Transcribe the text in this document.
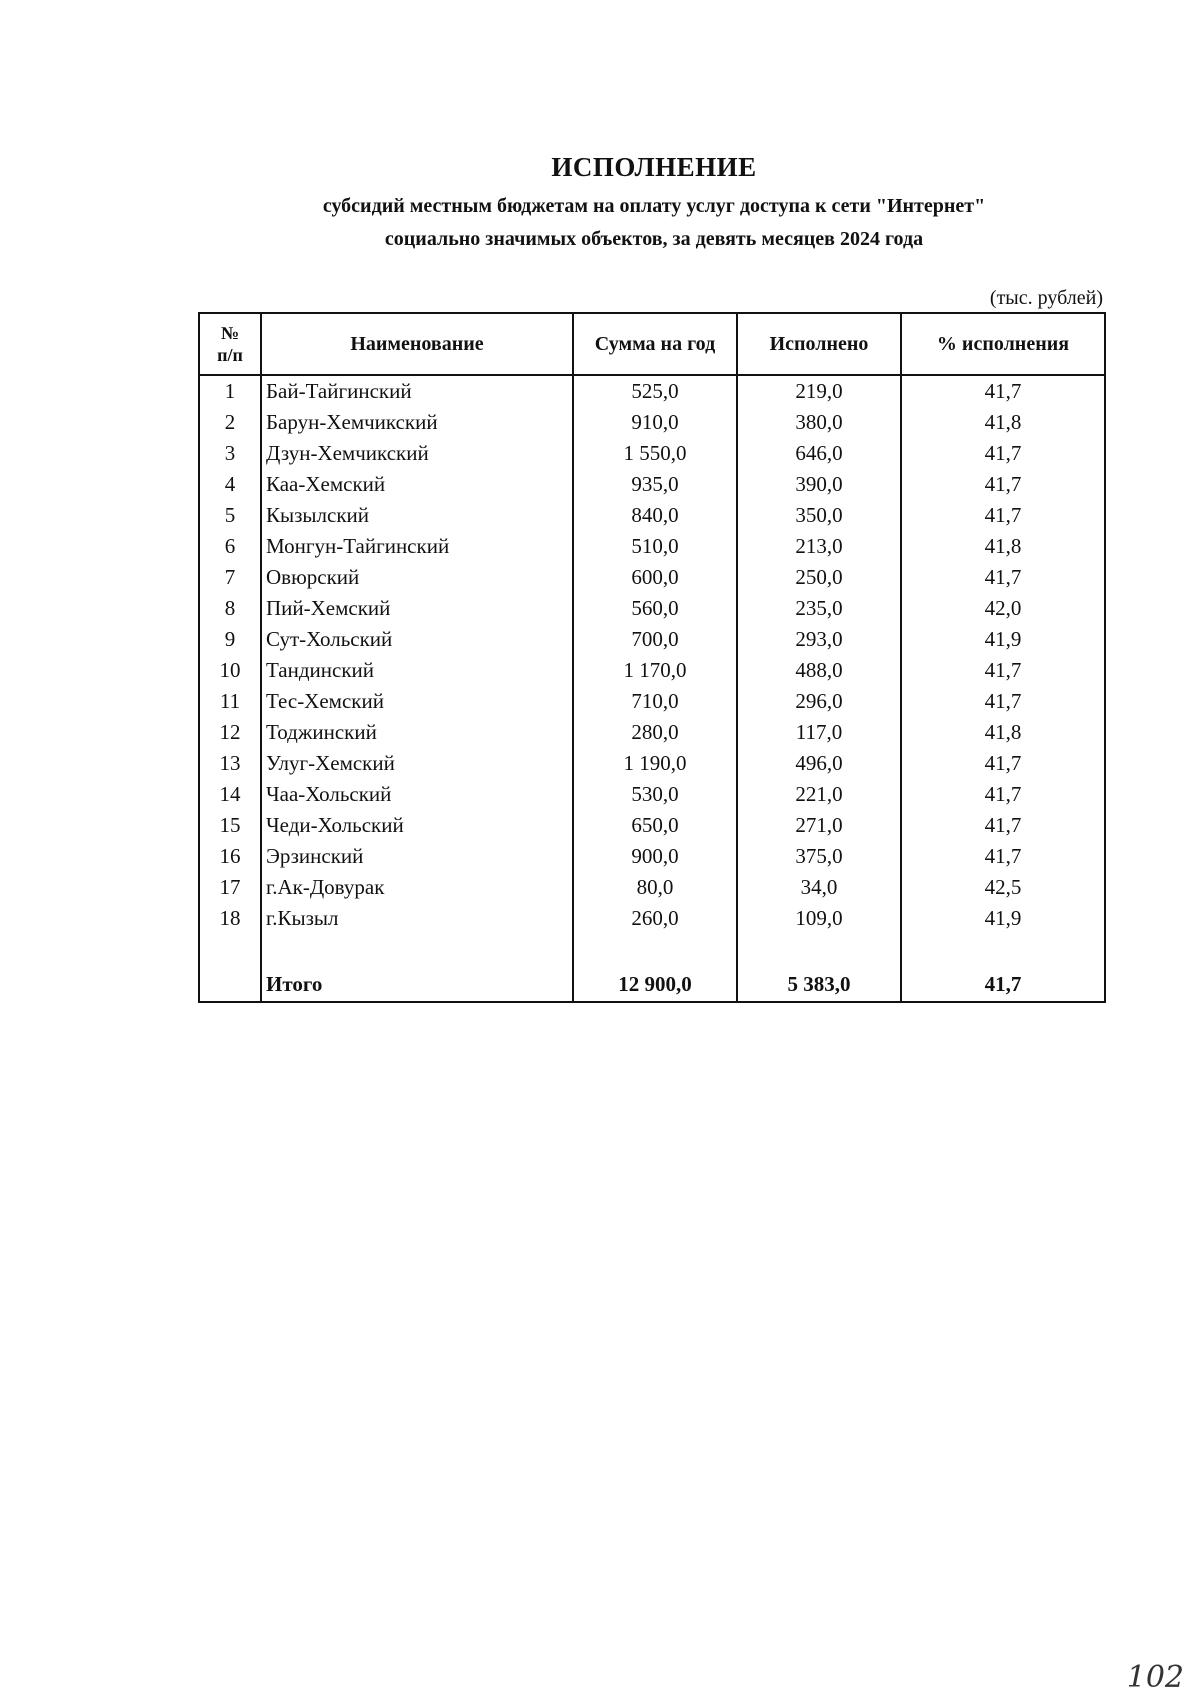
ИСПОЛНЕНИЕ
субсидий местным бюджетам на оплату услуг доступа к сети "Интернет"
социально значимых объектов, за девять месяцев 2024 года
(тыс. рублей)
№
п/п	Наименование	Сумма на год	Исполнено	% исполнения
1	Бай-Тайгинский	525,0	219,0	41,7
2	Барун-Хемчикский	910,0	380,0	41,8
3	Дзун-Хемчикский	1 550,0	646,0	41,7
4	Каа-Хемский	935,0	390,0	41,7
5	Кызылский	840,0	350,0	41,7
6	Монгун-Тайгинский	510,0	213,0	41,8
7	Овюрский	600,0	250,0	41,7
8	Пий-Хемский	560,0	235,0	42,0
9	Сут-Хольский	700,0	293,0	41,9
10	Тандинский	1 170,0	488,0	41,7
11	Тес-Хемский	710,0	296,0	41,7
12	Тоджинский	280,0	117,0	41,8
13	Улуг-Хемский	1 190,0	496,0	41,7
14	Чаа-Хольский	530,0	221,0	41,7
15	Чеди-Хольский	650,0	271,0	41,7
16	Эрзинский	900,0	375,0	41,7
17	г.Ак-Довурак	80,0	34,0	42,5
18	г.Кызыл	260,0	109,0	41,9

	Итого	12 900,0	5 383,0	41,7
102
